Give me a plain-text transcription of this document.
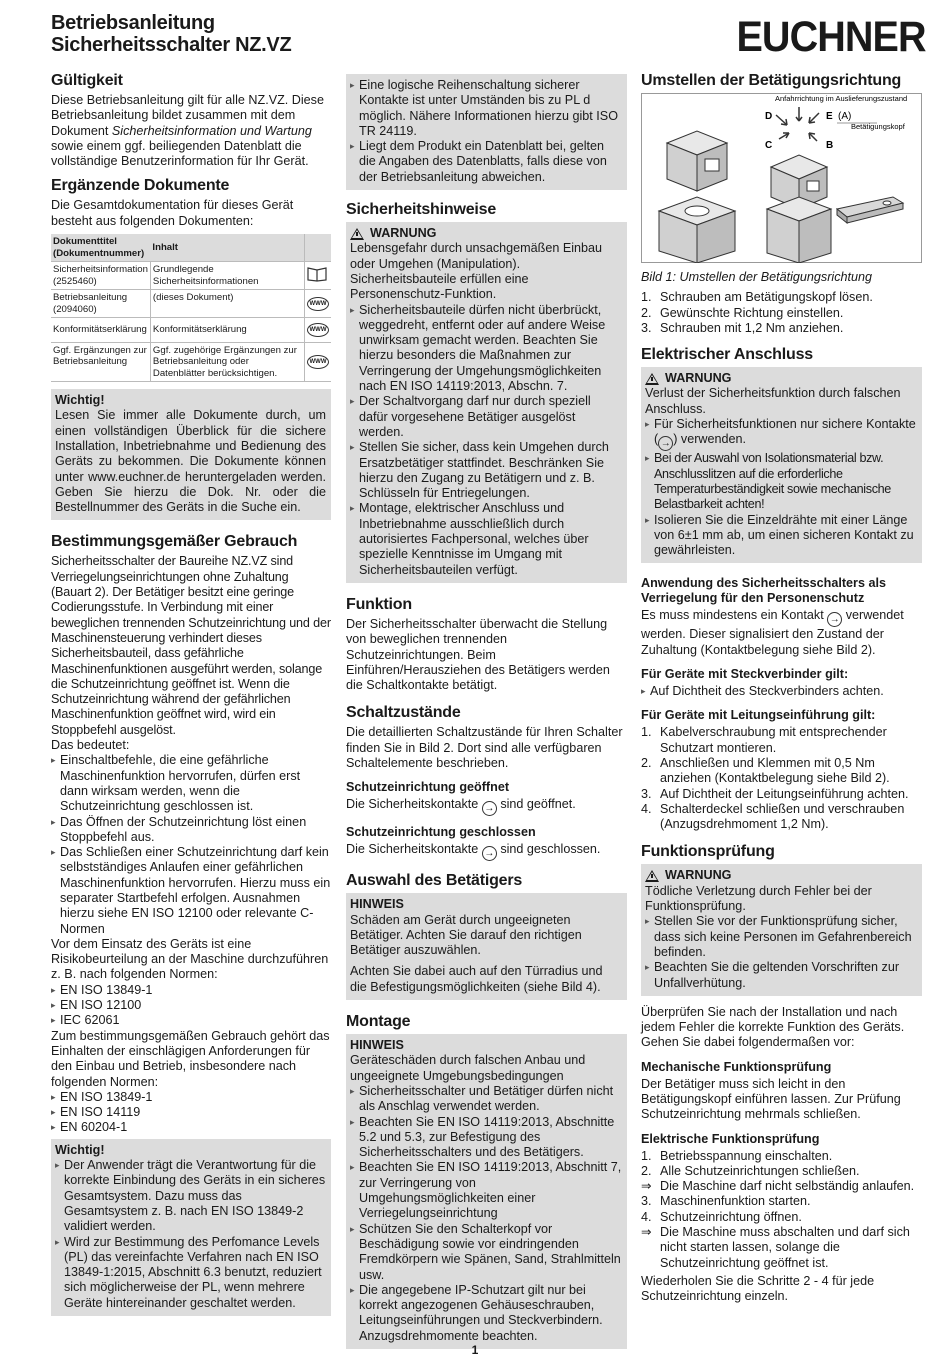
Betriebsanleitung
Sicherheitsschalter NZ.VZ	EUCHNER
Gültigkeit

Diese Betriebsanleitung gilt für alle NZ.VZ. Diese Betriebsanleitung bildet zusammen mit dem Dokument Sicherheitsinformation und Wartung sowie einem ggf. beiliegenden Datenblatt die vollständige Benutzerinformation für Ihr Gerät.

Ergänzende Dokumente

Die Gesamtdokumentation für dieses Gerät besteht aus folgenden Dokumenten:

Dokumenttitel (Dokumentnummer)	Inhalt	
Sicherheitsinformation (2525460)	Grundlegende Sicherheitsinformationen	
Betriebsanleitung (2094060)	(dieses Dokument)	WWW
Konformitätserklärung	Konformitätserklärung	WWW
Ggf. Ergänzungen zur Betriebsanleitung	Ggf. zugehörige Ergänzungen zur Betriebsanleitung oder Datenblätter berücksichtigen.	WWW
Wichtig!

Lesen Sie immer alle Dokumente durch, um einen vollständigen Überblick für die sichere Installation, Inbetriebnahme und Bedienung des Geräts zu bekommen. Die Dokumente können unter www.euchner.de heruntergeladen werden. Geben Sie hierzu die Dok. Nr. oder die Bestellnummer des Geräts in die Suche ein.

Bestimmungsgemäßer Gebrauch

Sicherheitsschalter der Baureihe NZ.VZ sind Verriegelungseinrichtungen ohne Zuhaltung (Bauart 2). Der Betätiger besitzt eine geringe Codierungsstufe. In Verbindung mit einer beweglichen trennenden Schutzeinrichtung und der Maschinensteuerung verhindert dieses Sicherheitsbauteil, dass gefährliche Maschinenfunktionen ausgeführt werden, solange die Schutzeinrichtung geöffnet ist. Wenn die Schutzeinrichtung während der gefährlichen Maschinenfunktion geöffnet wird, wird ein Stoppbefehl ausgelöst.

Das bedeutet:

▸ Einschaltbefehle, die eine gefährliche Maschinenfunktion hervorrufen, dürfen erst dann wirksam werden, wenn die Schutzeinrichtung geschlossen ist.
▸ Das Öffnen der Schutzeinrichtung löst einen Stoppbefehl aus.
▸ Das Schließen einer Schutzeinrichtung darf kein selbstständiges Anlaufen einer gefährlichen Maschinenfunktion hervorrufen. Hierzu muss ein separater Startbefehl erfolgen. Ausnahmen hierzu siehe EN ISO 12100 oder relevante C-Normen

Vor dem Einsatz des Geräts ist eine Risikobeurteilung an der Maschine durchzuführen z. B. nach folgenden Normen:

▸ EN ISO 13849-1
▸ EN ISO 12100
▸ IEC 62061

Zum bestimmungsgemäßen Gebrauch gehört das Einhalten der einschlägigen Anforderungen für den Einbau und Betrieb, insbesondere nach folgenden Normen:

▸ EN ISO 13849-1
▸ EN ISO 14119
▸ EN 60204-1
Wichtig!
▸ Der Anwender trägt die Verantwortung für die korrekte Einbindung des Geräts in ein sicheres Gesamtsystem. Dazu muss das Gesamtsystem z. B. nach EN ISO 13849-2 validiert werden.
▸ Wird zur Bestimmung des Perfomance Levels (PL) das vereinfachte Verfahren nach EN ISO 13849-1:2015, Abschnitt 6.3 benutzt, reduziert sich möglicherweise der PL, wenn mehrere Geräte hintereinander geschaltet werden.
▸ Eine logische Reihenschaltung sicherer Kontakte ist unter Umständen bis zu PL d möglich. Nähere Informationen hierzu gibt ISO TR 24119.
▸ Liegt dem Produkt ein Datenblatt bei, gelten die Angaben des Datenblatts, falls diese von der Betriebsanleitung abweichen.
Sicherheitshinweise
WARNUNG

Lebensgefahr durch unsachgemäßen Einbau oder Umgehen (Manipulation). Sicherheitsbauteile erfüllen eine Personenschutz-Funktion.

▸ Sicherheitsbauteile dürfen nicht überbrückt, weggedreht, entfernt oder auf andere Weise unwirksam gemacht werden. Beachten Sie hierzu besonders die Maßnahmen zur Verringerung der Umgehungsmöglichkeiten nach EN ISO 14119:2013, Abschn. 7.
▸ Der Schaltvorgang darf nur durch speziell dafür vorgesehene Betätiger ausgelöst werden.
▸ Stellen Sie sicher, dass kein Umgehen durch Ersatzbetätiger stattfindet. Beschränken Sie hierzu den Zugang zu Betätigern und z. B. Schlüsseln für Entriegelungen.
▸ Montage, elektrischer Anschluss und Inbetriebnahme ausschließlich durch autorisiertes Fachpersonal, welches über spezielle Kenntnisse im Umgang mit Sicherheitsbauteilen verfügt.
Funktion

Der Sicherheitsschalter überwacht die Stellung von beweglichen trennenden Schutzeinrichtungen. Beim Einführen/Herausziehen des Betätigers werden die Schaltkontakte betätigt.

Schaltzustände

Die detaillierten Schaltzustände für Ihren Schalter finden Sie in Bild 2. Dort sind alle verfügbaren Schaltelemente beschrieben.

Schutzeinrichtung geöffnet

Die Sicherheitskontakte → sind geöffnet.

Schutzeinrichtung geschlossen

Die Sicherheitskontakte → sind geschlossen.

Auswahl des Betätigers
HINWEIS

Schäden am Gerät durch ungeeigneten Betätiger. Achten Sie darauf den richtigen Betätiger auszuwählen.

Achten Sie dabei auch auf den Türradius und die Befestigungsmöglichkeiten (siehe Bild 4).

Montage
HINWEIS

Geräteschäden durch falschen Anbau und ungeeignete Umgebungsbedingungen

▸ Sicherheitsschalter und Betätiger dürfen nicht als Anschlag verwendet werden.
▸ Beachten Sie EN ISO 14119:2013, Abschnitte 5.2 und 5.3, zur Befestigung des Sicherheitsschalters und des Betätigers.
▸ Beachten Sie EN ISO 14119:2013, Abschnitt 7, zur Verringerung von Umgehungsmöglichkeiten einer Verriegelungseinrichtung
▸ Schützen Sie den Schalterkopf vor Beschädigung sowie vor eindringenden Fremdkörpern wie Spänen, Sand, Strahlmitteln usw.
▸ Die angegebene IP-Schutzart gilt nur bei korrekt angezogenen Gehäuseschrauben, Leitungseinführungen und Steckverbindern. Anzugsdrehmomente beachten.
Umstellen der Betätigungsrichtung
D	E (A)
C	B
Anfahrrichtung im Auslieferungszustand
Betätigungskopf

Bild 1: Umstellen der Betätigungsrichtung

1. Schrauben am Betätigungskopf lösen.
2. Gewünschte Richtung einstellen.
3. Schrauben mit 1,2 Nm anziehen.
Elektrischer Anschluss
WARNUNG

Verlust der Sicherheitsfunktion durch falschen Anschluss.

▸ Für Sicherheitsfunktionen nur sichere Kontakte ( → ) verwenden.
▸ Bei der Auswahl von Isolationsmaterial bzw. Anschlusslitzen auf die erforderliche Temperaturbeständigkeit sowie mechanische Belastbarkeit achten!
▸ Isolieren Sie die Einzeldrähte mit einer Länge von 6±1 mm ab, um einen sicheren Kontakt zu gewährleisten.
Anwendung des Sicherheitsschalters als Verriegelung für den Personenschutz

Es muss mindestens ein Kontakt → verwendet werden. Dieser signalisiert den Zustand der Zuhaltung (Kontaktbelegung siehe Bild 2).

Für Geräte mit Steckverbinder gilt:
▸ Auf Dichtheit des Steckverbinders achten.
Für Geräte mit Leitungseinführung gilt:
1. Kabelverschraubung mit entsprechender Schutzart montieren.
2. Anschließen und Klemmen mit 0,5 Nm anziehen (Kontaktbelegung siehe Bild 2).
3. Auf Dichtheit der Leitungseinführung achten.
4. Schalterdeckel schließen und verschrauben (Anzugsdrehmoment 1,2 Nm).
Funktionsprüfung
WARNUNG

Tödliche Verletzung durch Fehler bei der Funktionsprüfung.

▸ Stellen Sie vor der Funktionsprüfung sicher, dass sich keine Personen im Gefahrenbereich befinden.
▸ Beachten Sie die geltenden Vorschriften zur Unfallverhütung.

Überprüfen Sie nach der Installation und nach jedem Fehler die korrekte Funktion des Geräts.

Gehen Sie dabei folgendermaßen vor:

Mechanische Funktionsprüfung

Der Betätiger muss sich leicht in den Betätigungskopf einführen lassen. Zur Prüfung Schutzeinrichtung mehrmals schließen.

Elektrische Funktionsprüfung
1. Betriebsspannung einschalten.
2. Alle Schutzeinrichtungen schließen.
⇒ Die Maschine darf nicht selbständig anlaufen.
3. Maschinenfunktion starten.
4. Schutzeinrichtung öffnen.
⇒ Die Maschine muss abschalten und darf sich nicht starten lassen, solange die Schutzeinrichtung geöffnet ist.

Wiederholen Sie die Schritte 2 - 4 für jede Schutzeinrichtung einzeln.

1
